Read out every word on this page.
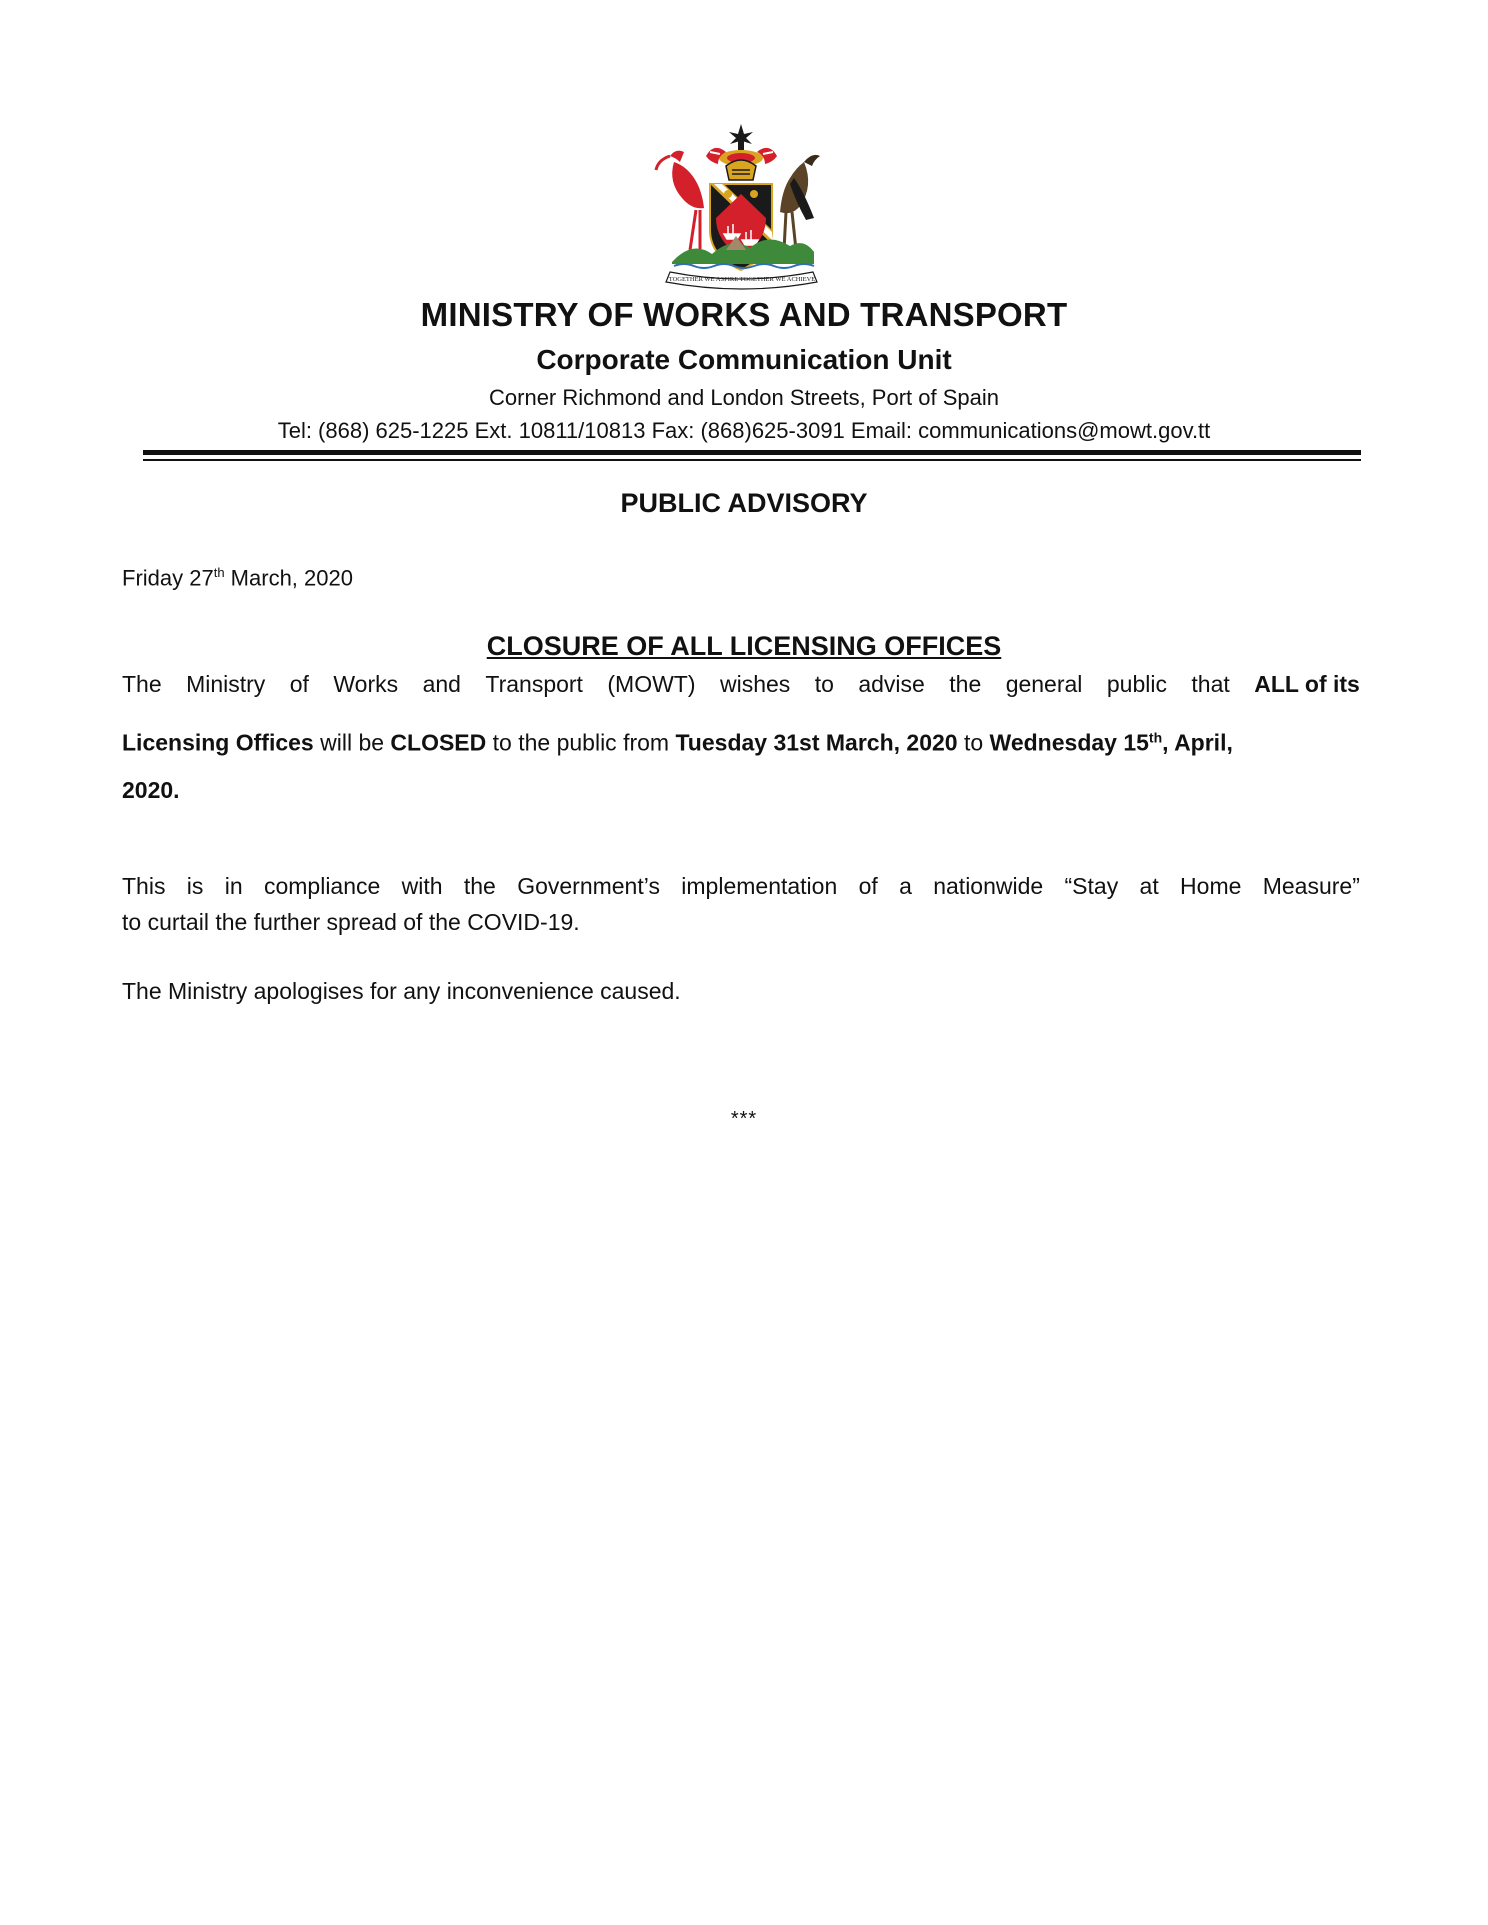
TOGETHER WE ASPIRE TOGETHER WE ACHIEVE
MINISTRY OF WORKS AND TRANSPORT
Corporate Communication Unit
Corner Richmond and London Streets, Port of Spain
Tel: (868) 625-1225 Ext. 10811/10813 Fax: (868)625-3091 Email: communications@mowt.gov.tt
PUBLIC ADVISORY
Friday 27th March, 2020
CLOSURE OF ALL LICENSING OFFICES
The Ministry of Works and Transport (MOWT) wishes to advise the general public that ALL of its
Licensing Offices will be CLOSED to the public from Tuesday 31st March, 2020 to Wednesday 15th, April,
2020.
This is in compliance with the Government’s implementation of a nationwide “Stay at Home Measure”
to curtail the further spread of the COVID-19.
The Ministry apologises for any inconvenience caused.
***
